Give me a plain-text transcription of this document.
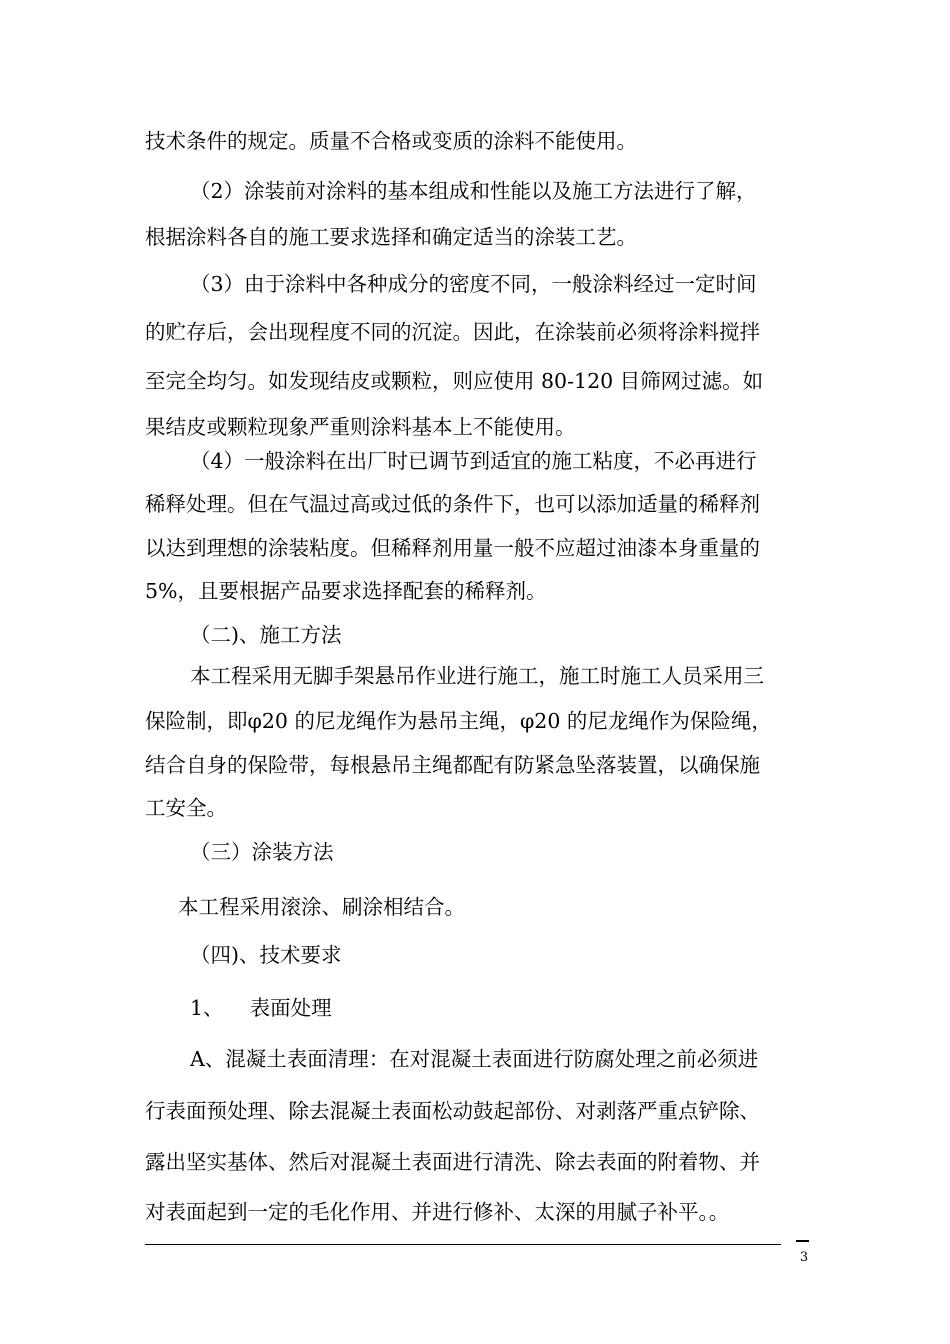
技术条件的规定。质量不合格或变质的涂料不能使用。
（2）涂装前对涂料的基本组成和性能以及施工方法进行了解，
根据涂料各自的施工要求选择和确定适当的涂装工艺。
（3）由于涂料中各种成分的密度不同，一般涂料经过一定时间
的贮存后，会出现程度不同的沉淀。因此，在涂装前必须将涂料搅拌
至完全均匀。如发现结皮或颗粒，则应使用 80-120 目筛网过滤。如
果结皮或颗粒现象严重则涂料基本上不能使用。
（4）一般涂料在出厂时已调节到适宜的施工粘度，不必再进行
稀释处理。但在气温过高或过低的条件下，也可以添加适量的稀释剂
以达到理想的涂装粘度。但稀释剂用量一般不应超过油漆本身重量的
5%，且要根据产品要求选择配套的稀释剂。
（二)、施工方法
本工程采用无脚手架悬吊作业进行施工，施工时施工人员采用三
保险制，即φ20 的尼龙绳作为悬吊主绳，φ20 的尼龙绳作为保险绳，
结合自身的保险带，每根悬吊主绳都配有防紧急坠落装置，以确保施
工安全。
（三）涂装方法
本工程采用滚涂、刷涂相结合。
（四)、技术要求
1、    表面处理
A、混凝土表面清理：在对混凝土表面进行防腐处理之前必须进
行表面预处理、除去混凝土表面松动鼓起部份、对剥落严重点铲除、
露出坚实基体、然后对混凝土表面进行清洗、除去表面的附着物、并
对表面起到一定的毛化作用、并进行修补、太深的用腻子补平。。
3
